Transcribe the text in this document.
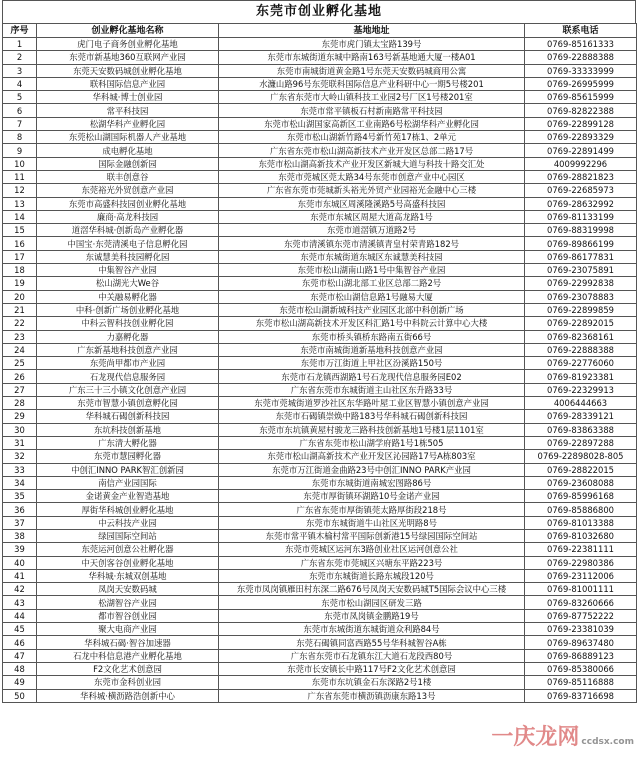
东莞市创业孵化基地
序号	创业孵化基地名称	基地地址	联系电话
1	虎门电子商务创业孵化基地	东莞市虎门镇太宝路139号	0769-85161333
2	东莞市新基地360互联网产业园	东莞市东城街道东城中路南163号新基地通大厦一楼A01	0769-22888388
3	东莞天安数码城创业孵化基地	东莞市南城街道黄金路1号东莞天安数码城商用公寓	0769-33333999
4	联科国际信息产业园	水濂山路96号东莞联科国际信息产业科研中心一期5号楼201	0769-26995999
5	华科城·博士创业园	广东省东莞市大岭山镇科技工业园2号厂区1号楼201室	0769-85615999
6	常平科技园	东莞市常平镇板石村新南路常平科技园	0769-82822388
7	松湖华科产业孵化园	东莞市松山湖国家高新区工业南路6号松湖华科产业孵化园	0769-22899128
8	东莞松山湖国际机器人产业基地	东莞市松山湖新竹路4号新竹苑17栋1、2单元	0769-22893329
9	成电孵化基地	广东省东莞市松山湖高新技术产业开发区总部二路17号	0769-22891499
10	国际金融创新园	东莞市松山湖高新技术产业开发区新城大道与科技十路交汇处	4009992296
11	联丰创意谷	东莞市莞城区莞太路34号东莞市创意产业中心园区	0769-28821823
12	东莞裕光外贸创意产业园	广东省东莞市莞城新头裕光外贸产业园裕光金融中心三楼	0769-22685973
13	东莞市高盛科技园创业孵化基地	东莞市东城区周溪隆溪路5号高盛科技园	0769-28632992
14	廉商·高龙科技园	东莞市东城区周屋大道高龙路1号	0769-81133199
15	道滘华科城·创新岛产业孵化器	东莞市道滘镇万道路2号	0769-88319998
16	中国宝·东莞清溪电子信息孵化园	东莞市清溪镇东莞市清溪镇青皇村荣青路182号	0769-89866199
17	东诚慧美科技园孵化园	东莞市东城街道东城区东诚慧美科技园	0769-86177831
18	中集智谷产业园	东莞市松山湖南山路1号中集智谷产业园	0769-23075891
19	松山湖光大We谷	东莞市松山湖北部工业区总部二路2号	0769-22992838
20	中关融易孵化器	东莞市松山湖信息路1号融易大厦	0769-23078883
21	中科·创新广场创业孵化基地	东莞市松山湖新城科技产业园区北部中科创新广场	0769-22899859
22	中科云智科技创业孵化园	东莞市松山湖高新技术开发区科汇路1号中科院云计算中心大楼	0769-22892015
23	力嘉孵化器	东莞市桥头镇桥东路南五街66号	0769-82368161
24	广东新基地科技创意产业园	东莞市南城街道新基地科技创意产业园	0769-22888388
25	东莞尚甲都市产业园	东莞市万江街道上甲社区汾溪路150号	0769-22776060
26	石龙现代信息服务园	东莞市石龙镇西湖路1号石龙现代信息服务园E02	0769-81923381
27	广东三十三小镇文化创意产业园	广东省东莞市东城街道主山社区东升路33号	0769-22329913
28	东莞市智慧小镇创意孵化园	东莞市莞城街道罗沙社区东华路叶屋工业区智慧小镇创意产业园	4006444663
29	华科城石碣创新科技园	东莞市石碣镇崇焕中路183号华科城石碣创新科技园	0769-28339121
30	东坑科技创新基地	东莞市东坑镇黄屋村骏龙三路科技创新基地1号楼1层1101室	0769-83863388
31	广东清大孵化器	广东省东莞市松山湖学府路1号1栋505	0769-22897288
32	东莞市慧园孵化器	东莞市松山湖高新技术产业开发区沁园路17号A栋803室	0769-22898028-805
33	中创汇INNO PARK智汇创新园	东莞市万江街道金曲路23号中创汇INNO PARK产业园	0769-28822015
34	南信产业园国际	东莞市东城街道南城宏图路86号	0769-23608088
35	金诺黄金产业智造基地	东莞市厚街镇环湖路10号金诺产业园	0769-85996168
36	厚街华科城创业孵化基地	广东省东莞市厚街镇莞太路厚街段218号	0769-85886800
37	中云科技产业园	东莞市东城街道牛山社区光明路8号	0769-81013388
38	绿园国际空间站	东莞市常平镇木棆村常平国际创新港15号绿园国际空间站	0769-81032680
39	东莞运河创意公社孵化器	东莞市莞城区运河东3路创业社区运河创意公社	0769-22381111
40	中天创客谷创业孵化基地	广东省东莞市莞城区兴塘东平路223号	0769-22980386
41	华科城·东城双创基地	东莞市东城街道长路东城段120号	0769-23112006
42	凤岗天安数码城	东莞市凤岗镇雁田村东深二路676号凤岗天安数码城T5国际会议中心三楼	0769-81001111
43	松湖智谷产业园	东莞市松山湖园区研发三路	0769-83260666
44	都市智谷创业园	东莞市凤岗镇金鹏路19号	0769-87752222
45	聚大电商产业园	东莞市东城街道东城街道众利路84号	0769-23381039
46	华科城石碣·智谷加速器	东莞石碣镇同富西路55号华科城智谷A栋	0769-89637480
47	石龙中科信息港产业孵化基地	广东省东莞市石龙镇东江大道石龙段西80号	0769-86889123
48	F2文化艺术创意园	东莞市长安镇长中路117号F2文化艺术创意园	0769-85380066
49	东莞市金科创业园	东莞市东坑镇金石东深路2号1楼	0769-85116888
50	华科城·横沥路浩创新中心	广东省东莞市横沥镇沥康东路13号	0769-83716698
一庆龙网 ccdsx.com
